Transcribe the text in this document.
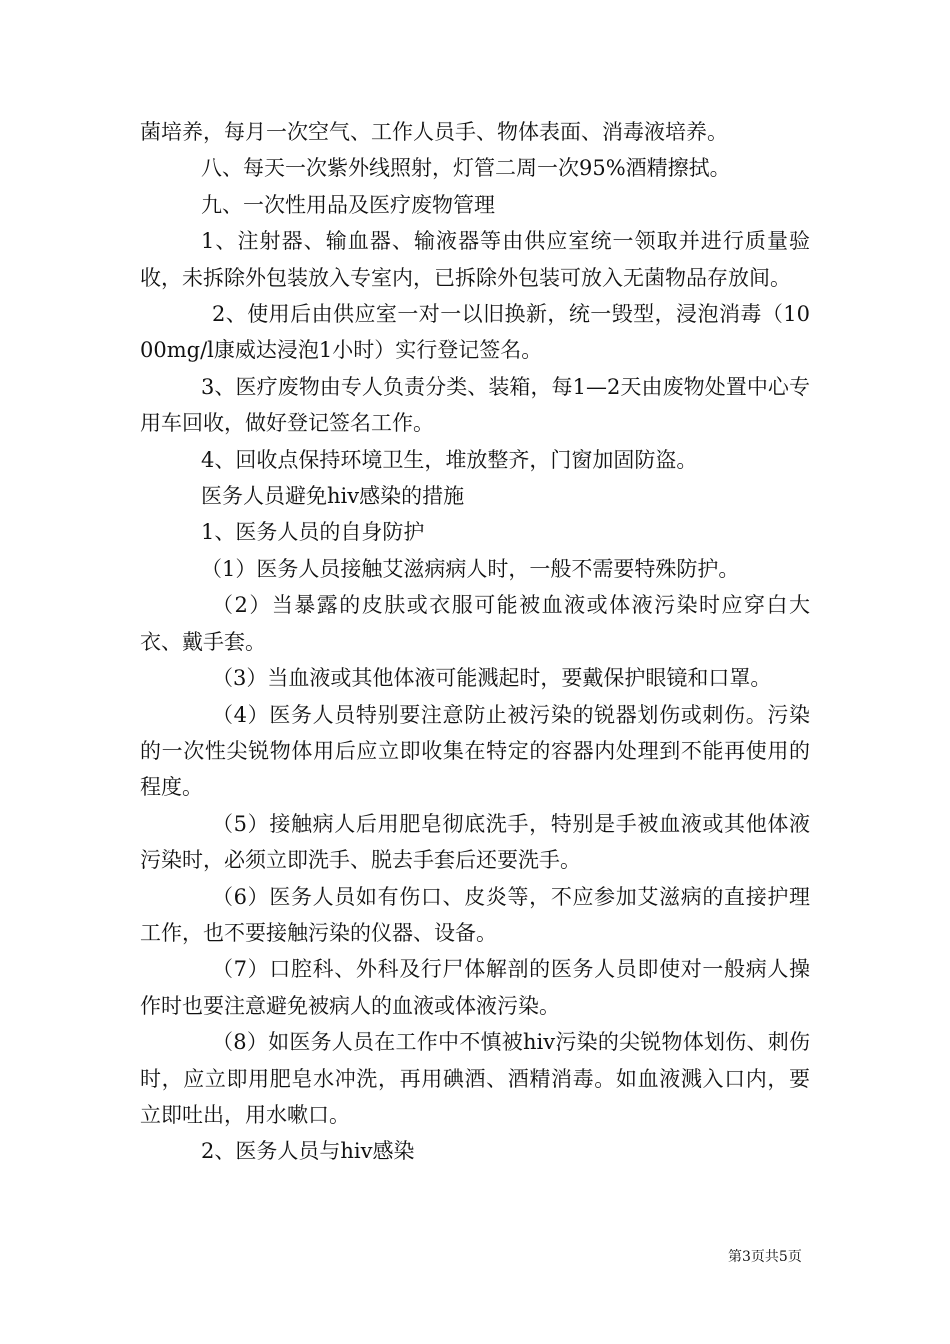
菌培养，每月一次空气、工作人员手、物体表面、消毒液培养。

八、每天一次紫外线照射，灯管二周一次95%酒精擦拭。

九、一次性用品及医疗废物管理

1、注射器、输血器、输液器等由供应室统一领取并进行质量验收，未拆除外包装放入专室内，已拆除外包装可放入无菌物品存放间。

2、使用后由供应室一对一以旧换新，统一毁型，浸泡消毒（1000mg/l康威达浸泡1小时）实行登记签名。

3、医疗废物由专人负责分类、装箱，每1—2天由废物处置中心专用车回收，做好登记签名工作。

4、回收点保持环境卫生，堆放整齐，门窗加固防盗。

医务人员避免hiv感染的措施

1、医务人员的自身防护

（1）医务人员接触艾滋病病人时，一般不需要特殊防护。

（2）当暴露的皮肤或衣服可能被血液或体液污染时应穿白大衣、戴手套。

（3）当血液或其他体液可能溅起时，要戴保护眼镜和口罩。

（4）医务人员特别要注意防止被污染的锐器划伤或刺伤。污染的一次性尖锐物体用后应立即收集在特定的容器内处理到不能再使用的程度。

（5）接触病人后用肥皂彻底洗手，特别是手被血液或其他体液污染时，必须立即洗手、脱去手套后还要洗手。

（6）医务人员如有伤口、皮炎等，不应参加艾滋病的直接护理工作，也不要接触污染的仪器、设备。

（7）口腔科、外科及行尸体解剖的医务人员即使对一般病人操作时也要注意避免被病人的血液或体液污染。

（8）如医务人员在工作中不慎被hiv污染的尖锐物体划伤、刺伤时，应立即用肥皂水冲洗，再用碘酒、酒精消毒。如血液溅入口内，要立即吐出，用水嗽口。

2、医务人员与hiv感染

第3页共5页
